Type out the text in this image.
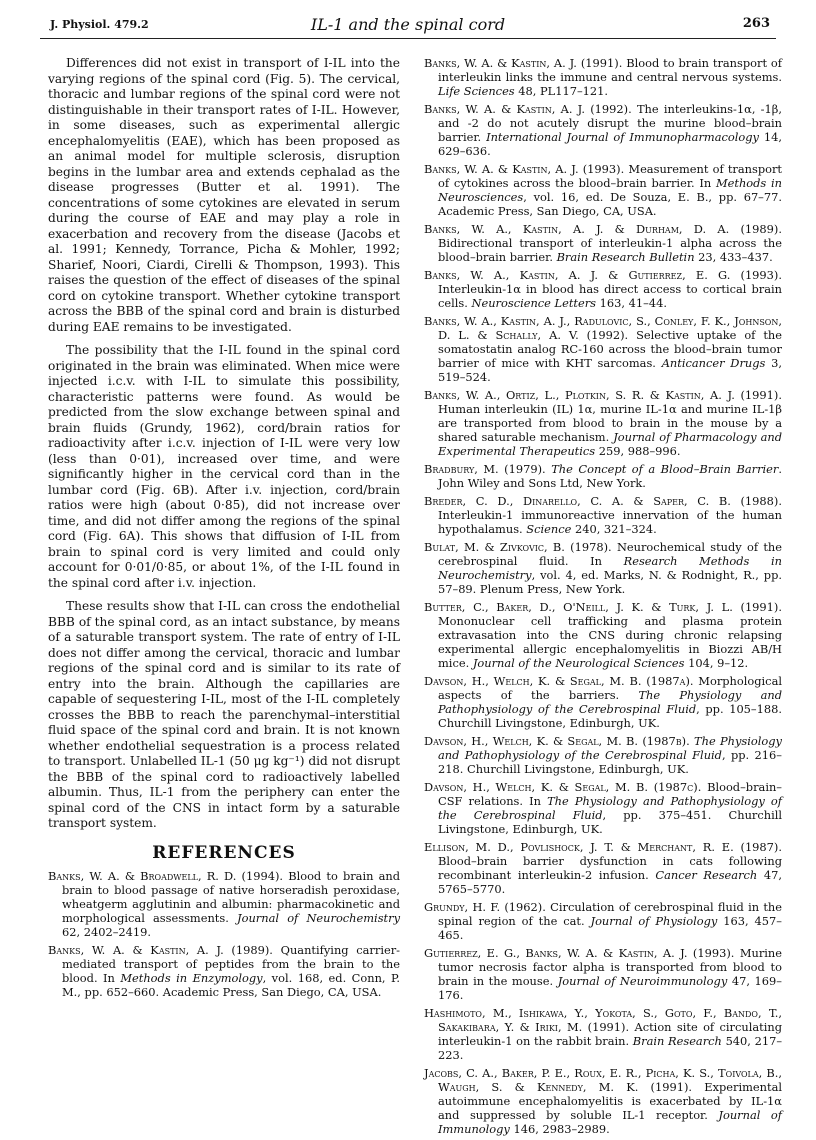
J. Physiol. 479.2	IL-1 and the spinal cord	263

Differences did not exist in transport of I-IL into the varying regions of the spinal cord (Fig. 5). The cervical, thoracic and lumbar regions of the spinal cord were not distinguishable in their transport rates of I-IL. However, in some diseases, such as experimental allergic encephalomyelitis (EAE), which has been proposed as an animal model for multiple sclerosis, disruption begins in the lumbar area and extends cephalad as the disease progresses (Butter et al. 1991). The concentrations of some cytokines are elevated in serum during the course of EAE and may play a role in exacerbation and recovery from the disease (Jacobs et al. 1991; Kennedy, Torrance, Picha & Mohler, 1992; Sharief, Noori, Ciardi, Cirelli & Thompson, 1993). This raises the question of the effect of diseases of the spinal cord on cytokine transport. Whether cytokine transport across the BBB of the spinal cord and brain is disturbed during EAE remains to be investigated.

The possibility that the I-IL found in the spinal cord originated in the brain was eliminated. When mice were injected i.c.v. with I-IL to simulate this possibility, characteristic patterns were found. As would be predicted from the slow exchange between spinal and brain fluids (Grundy, 1962), cord/brain ratios for radioactivity after i.c.v. injection of I-IL were very low (less than 0·01), increased over time, and were significantly higher in the cervical cord than in the lumbar cord (Fig. 6B). After i.v. injection, cord/brain ratios were high (about 0·85), did not increase over time, and did not differ among the regions of the spinal cord (Fig. 6A). This shows that diffusion of I-IL from brain to spinal cord is very limited and could only account for 0·01/0·85, or about 1%, of the I-IL found in the spinal cord after i.v. injection.

These results show that I-IL can cross the endothelial BBB of the spinal cord, as an intact substance, by means of a saturable transport system. The rate of entry of I-IL does not differ among the cervical, thoracic and lumbar regions of the spinal cord and is similar to its rate of entry into the brain. Although the capillaries are capable of sequestering I-IL, most of the I-IL completely crosses the BBB to reach the parenchymal–interstitial fluid space of the spinal cord and brain. It is not known whether endothelial sequestration is a process related to transport. Unlabelled IL-1 (50 μg kg⁻¹) did not disrupt the BBB of the spinal cord to radioactively labelled albumin. Thus, IL-1 from the periphery can enter the spinal cord of the CNS in intact form by a saturable transport system.

REFERENCES

Banks, W. A. & Broadwell, R. D. (1994). Blood to brain and brain to blood passage of native horseradish peroxidase, wheatgerm agglutinin and albumin: pharmacokinetic and morphological assessments. Journal of Neurochemistry 62, 2402–2419.

Banks, W. A. & Kastin, A. J. (1989). Quantifying carrier-mediated transport of peptides from the brain to the blood. In Methods in Enzymology, vol. 168, ed. Conn, P. M., pp. 652–660. Academic Press, San Diego, CA, USA.

Banks, W. A. & Kastin, A. J. (1991). Blood to brain transport of interleukin links the immune and central nervous systems. Life Sciences 48, PL117–121.

Banks, W. A. & Kastin, A. J. (1992). The interleukins-1α, -1β, and -2 do not acutely disrupt the murine blood–brain barrier. International Journal of Immunopharmacology 14, 629–636.

Banks, W. A. & Kastin, A. J. (1993). Measurement of transport of cytokines across the blood–brain barrier. In Methods in Neurosciences, vol. 16, ed. De Souza, E. B., pp. 67–77. Academic Press, San Diego, CA, USA.

Banks, W. A., Kastin, A. J. & Durham, D. A. (1989). Bidirectional transport of interleukin-1 alpha across the blood–brain barrier. Brain Research Bulletin 23, 433–437.

Banks, W. A., Kastin, A. J. & Gutierrez, E. G. (1993). Interleukin-1α in blood has direct access to cortical brain cells. Neuroscience Letters 163, 41–44.

Banks, W. A., Kastin, A. J., Radulovic, S., Conley, F. K., Johnson, D. L. & Schally, A. V. (1992). Selective uptake of the somatostatin analog RC-160 across the blood–brain tumor barrier of mice with KHT sarcomas. Anticancer Drugs 3, 519–524.

Banks, W. A., Ortiz, L., Plotkin, S. R. & Kastin, A. J. (1991). Human interleukin (IL) 1α, murine IL-1α and murine IL-1β are transported from blood to brain in the mouse by a shared saturable mechanism. Journal of Pharmacology and Experimental Therapeutics 259, 988–996.

Bradbury, M. (1979). The Concept of a Blood–Brain Barrier. John Wiley and Sons Ltd, New York.

Breder, C. D., Dinarello, C. A. & Saper, C. B. (1988). Interleukin-1 immunoreactive innervation of the human hypothalamus. Science 240, 321–324.

Bulat, M. & Zivkovic, B. (1978). Neurochemical study of the cerebrospinal fluid. In Research Methods in Neurochemistry, vol. 4, ed. Marks, N. & Rodnight, R., pp. 57–89. Plenum Press, New York.

Butter, C., Baker, D., O'Neill, J. K. & Turk, J. L. (1991). Mononuclear cell trafficking and plasma protein extravasation into the CNS during chronic relapsing experimental allergic encephalomyelitis in Biozzi AB/H mice. Journal of the Neurological Sciences 104, 9–12.

Davson, H., Welch, K. & Segal, M. B. (1987a). Morphological aspects of the barriers. The Physiology and Pathophysiology of the Cerebrospinal Fluid, pp. 105–188. Churchill Livingstone, Edinburgh, UK.

Davson, H., Welch, K. & Segal, M. B. (1987b). The Physiology and Pathophysiology of the Cerebrospinal Fluid, pp. 216–218. Churchill Livingstone, Edinburgh, UK.

Davson, H., Welch, K. & Segal, M. B. (1987c). Blood–brain–CSF relations. In The Physiology and Pathophysiology of the Cerebrospinal Fluid, pp. 375–451. Churchill Livingstone, Edinburgh, UK.

Ellison, M. D., Povlishock, J. T. & Merchant, R. E. (1987). Blood–brain barrier dysfunction in cats following recombinant interleukin-2 infusion. Cancer Research 47, 5765–5770.

Grundy, H. F. (1962). Circulation of cerebrospinal fluid in the spinal region of the cat. Journal of Physiology 163, 457–465.

Gutierrez, E. G., Banks, W. A. & Kastin, A. J. (1993). Murine tumor necrosis factor alpha is transported from blood to brain in the mouse. Journal of Neuroimmunology 47, 169–176.

Hashimoto, M., Ishikawa, Y., Yokota, S., Goto, F., Bando, T., Sakakibara, Y. & Iriki, M. (1991). Action site of circulating interleukin-1 on the rabbit brain. Brain Research 540, 217–223.

Jacobs, C. A., Baker, P. E., Roux, E. R., Picha, K. S., Toivola, B., Waugh, S. & Kennedy, M. K. (1991). Experimental autoimmune encephalomyelitis is exacerbated by IL-1α and suppressed by soluble IL-1 receptor. Journal of Immunology 146, 2983–2989.
